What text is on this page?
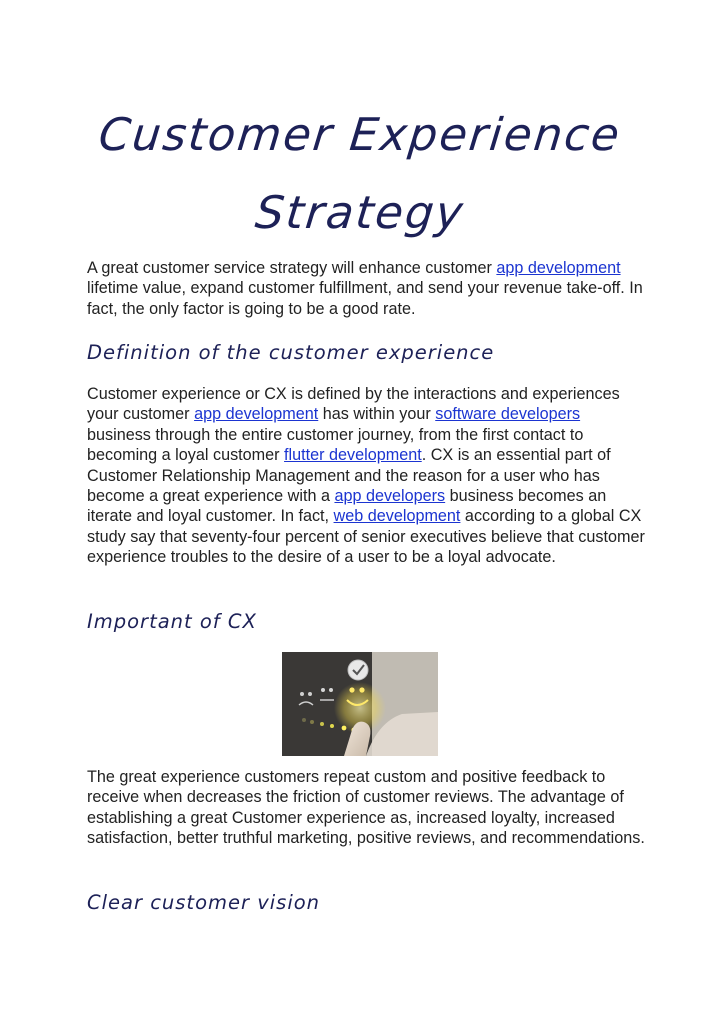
Customer Experience
Strategy

A great customer service strategy will enhance customer app development lifetime value, expand customer fulfillment, and send your revenue take-off. In fact, the only factor is going to be a good rate.

Definition of the customer experience

Customer experience or CX is defined by the interactions and experiences your customer app development has within your software developers business through the entire customer journey, from the first contact to becoming a loyal customer flutter development. CX is an essential part of Customer Relationship Management and the reason for a user who has become a great experience with a app developers business becomes an iterate and loyal customer. In fact, web development according to a global CX study say that seventy-four percent of senior executives believe that customer experience troubles to the desire of a user to be a loyal advocate.

Important of CX

The great experience customers repeat custom and positive feedback to receive when decreases the friction of customer reviews. The advantage of establishing a great Customer experience as, increased loyalty, increased satisfaction, better truthful marketing, positive reviews, and recommendations.

Clear customer vision
